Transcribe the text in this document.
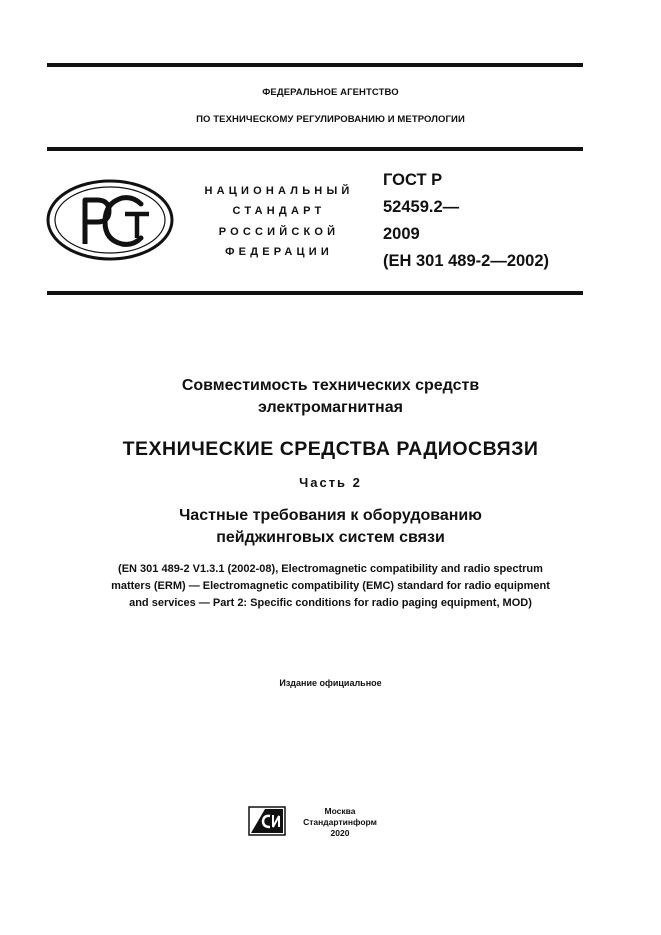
ФЕДЕРАЛЬНОЕ АГЕНТСТВО
ПО ТЕХНИЧЕСКОМУ РЕГУЛИРОВАНИЮ И МЕТРОЛОГИИ
НАЦИОНАЛЬНЫЙ
СТАНДАРТ
РОССИЙСКОЙ
ФЕДЕРАЦИИ
ГОСТ Р
52459.2—
2009
(ЕН 301 489-2—2002)
Совместимость технических средств
электромагнитная
ТЕХНИЧЕСКИЕ СРЕДСТВА РАДИОСВЯЗИ
Часть 2
Частные требования к оборудованию
пейджинговых систем связи
(EN 301 489-2 V1.3.1 (2002-08), Electromagnetic compatibility and radio spectrum
matters (ERM) — Electromagnetic compatibility (EMC) standard for radio equipment
and services — Part 2: Specific conditions for radio paging equipment, MOD)
Издание официальное
Москва
Стандартинформ
2020
